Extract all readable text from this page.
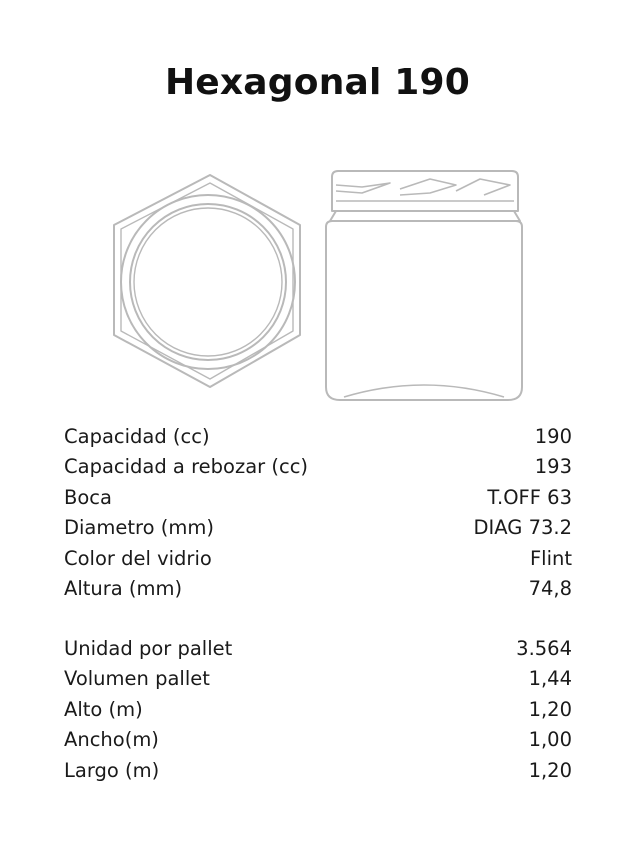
Hexagonal 190
Capacidad (cc)	190
Capacidad a rebozar (cc)	193
Boca	T.OFF 63
Diametro (mm)	DIAG 73.2
Color del vidrio	Flint
Altura (mm)	74,8
Unidad por pallet	3.564
Volumen pallet	1,44
Alto (m)	1,20
Ancho(m)	1,00
Largo (m)	1,20
